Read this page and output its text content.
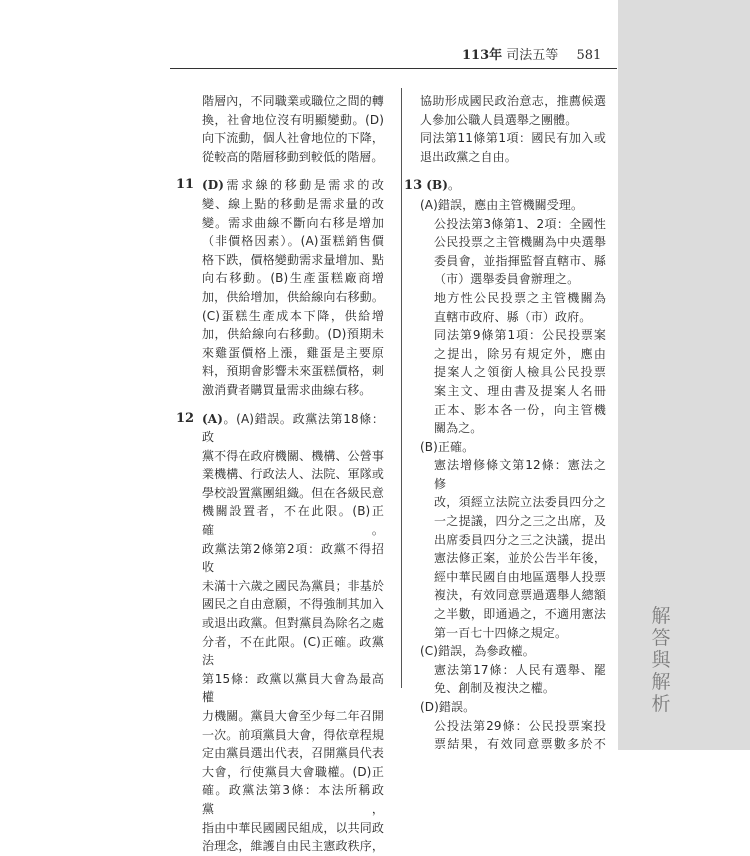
解
答
與
解
析
113年 司法五等 581

階層內，不同職業或職位之間的轉

換，社會地位沒有明顯變動。(D)

向下流動，個人社會地位的下降，

從較高的階層移動到較低的階層。

11 (D)需求線的移動是需求的改

變、線上點的移動是需求量的改

變。需求曲線不斷向右移是增加

（非價格因素）。(A)蛋糕銷售價

格下跌，價格變動需求量增加、點

向右移動。(B)生產蛋糕廠商增

加，供給增加，供給線向右移動。

(C)蛋糕生產成本下降，供給增

加，供給線向右移動。(D)預期未

來雞蛋價格上漲，雞蛋是主要原

料，預期會影響未來蛋糕價格，刺

激消費者購買量需求曲線右移。

12 (A)。(A)錯誤。政黨法第18條：政

黨不得在政府機關、機構、公營事

業機構、行政法人、法院、軍隊或

學校設置黨團組織。但在各級民意

機關設置者，不在此限。(B)正確。

政黨法第2條第2項：政黨不得招收

未滿十六歲之國民為黨員；非基於

國民之自由意願，不得強制其加入

或退出政黨。但對黨員為除名之處

分者，不在此限。(C)正確。政黨法

第15條：政黨以黨員大會為最高權

力機關。黨員大會至少每二年召開

一次。前項黨員大會，得依章程規

定由黨員選出代表，召開黨員代表

大會，行使黨員大會職權。(D)正

確。政黨法第3條：本法所稱政黨，

指由中華民國國民組成，以共同政

治理念，維護自由民主憲政秩序，

協助形成國民政治意志，推薦候選

人參加公職人員選舉之團體。

同法第11條第1項：國民有加入或

退出政黨之自由。

13 (B)。

(A)錯誤，應由主管機關受理。

公投法第3條第1、2項：全國性

公民投票之主管機關為中央選舉

委員會，並指揮監督直轄市、縣

（市）選舉委員會辦理之。

地方性公民投票之主管機關為

直轄市政府、縣（市）政府。

同法第9條第1項：公民投票案

之提出，除另有規定外，應由

提案人之領銜人檢具公民投票

案主文、理由書及提案人名冊

正本、影本各一份，向主管機

關為之。

(B)正確。

憲法增修條文第12條：憲法之修

改，須經立法院立法委員四分之

一之提議，四分之三之出席，及

出席委員四分之三之決議，提出

憲法修正案，並於公告半年後，

經中華民國自由地區選舉人投票

複決，有效同意票過選舉人總額

之半數，即通過之，不適用憲法

第一百七十四條之規定。

(C)錯誤，為參政權。

憲法第17條：人民有選舉、罷

免、創制及複決之權。

(D)錯誤。

公投法第29條：公民投票案投

票結果，有效同意票數多於不
